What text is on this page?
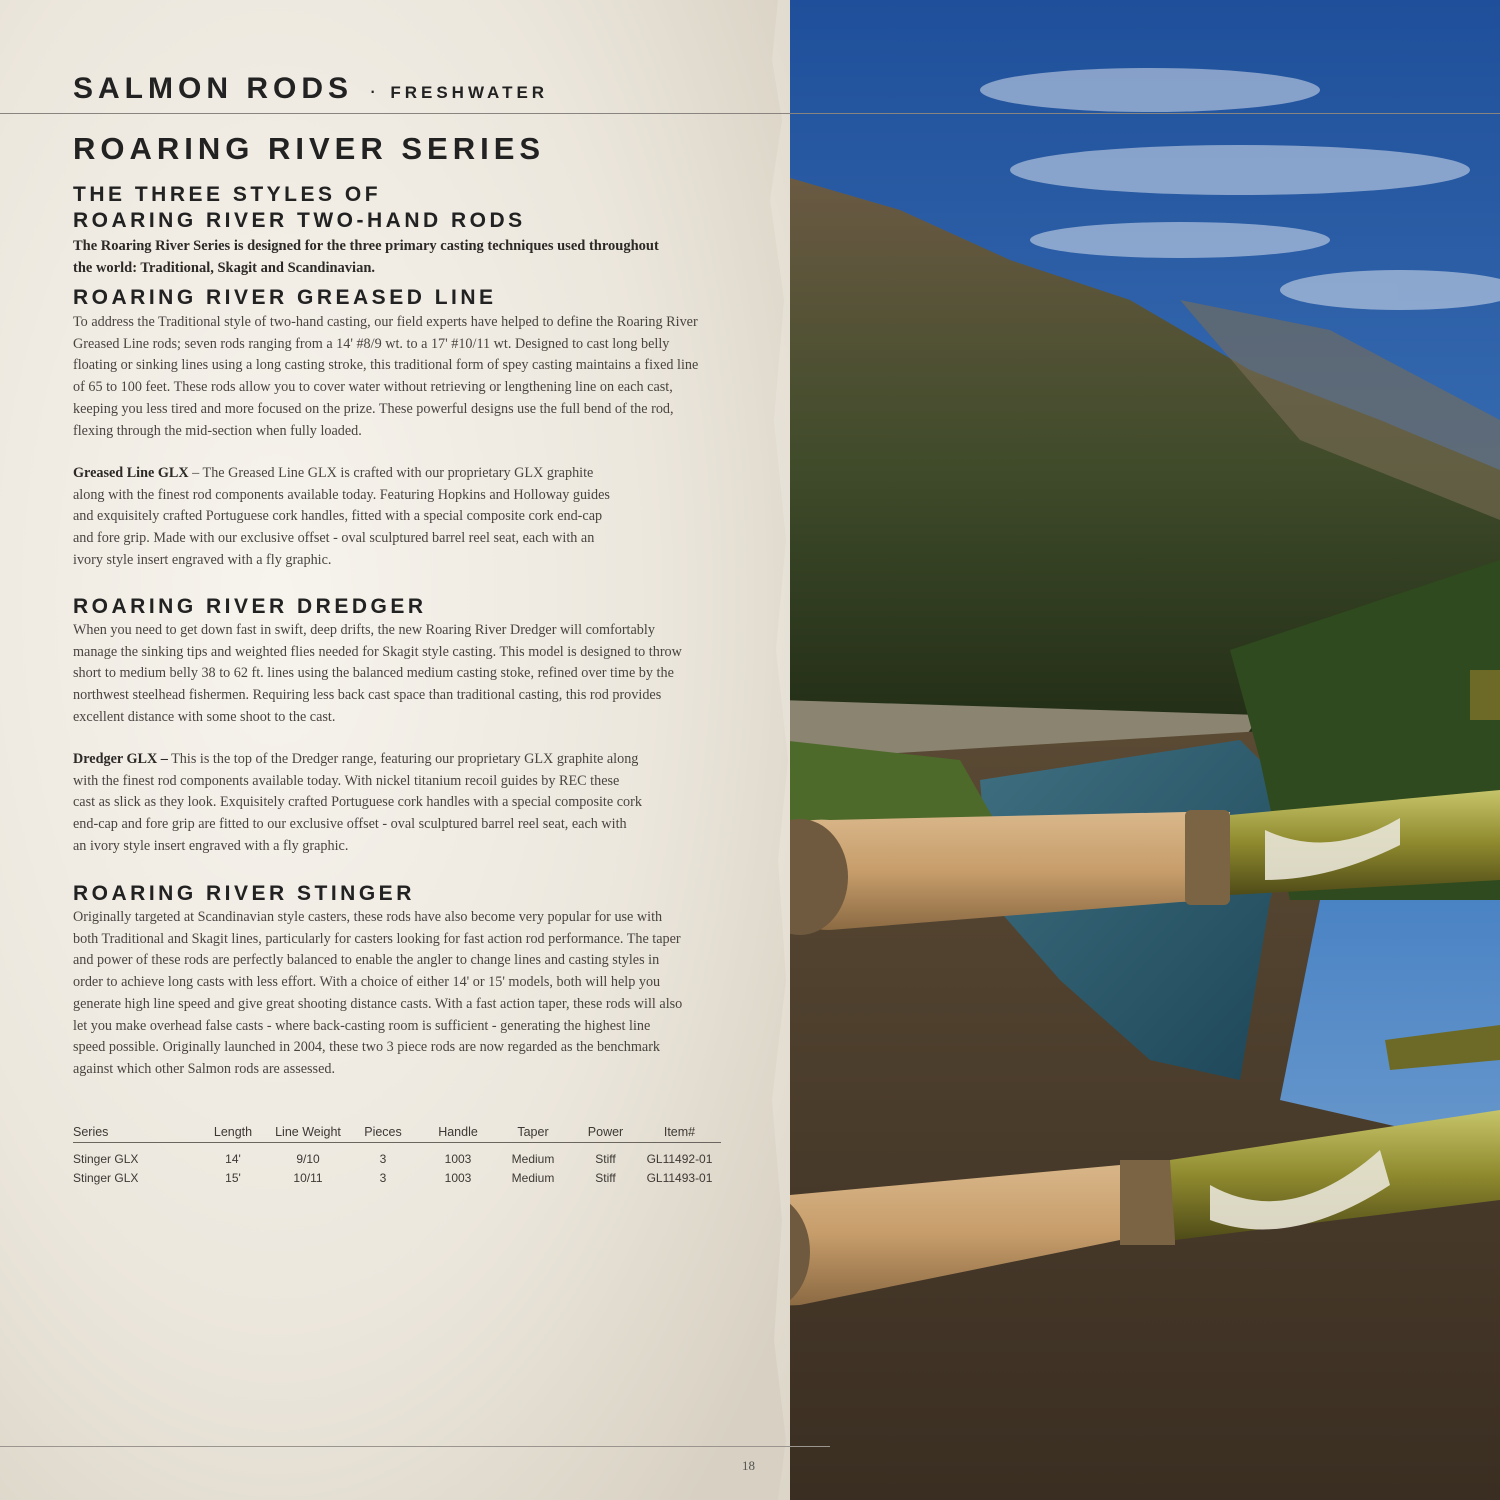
SALMON RODS · FRESHWATER
ROARING RIVER SERIES
THE THREE STYLES OF
ROARING RIVER TWO-HAND RODS
The Roaring River Series is designed for the three primary casting techniques used throughout the world: Traditional, Skagit and Scandinavian.
ROARING RIVER GREASED LINE
To address the Traditional style of two-hand casting, our field experts have helped to define the Roaring River Greased Line rods; seven rods ranging from a 14' #8/9 wt. to a 17' #10/11 wt. Designed to cast long belly floating or sinking lines using a long casting stroke, this traditional form of spey casting maintains a fixed line of 65 to 100 feet. These rods allow you to cover water without retrieving or lengthening line on each cast, keeping you less tired and more focused on the prize. These powerful designs use the full bend of the rod, flexing through the mid-section when fully loaded.
Greased Line GLX – The Greased Line GLX is crafted with our proprietary GLX graphite along with the finest rod components available today. Featuring Hopkins and Holloway guides and exquisitely crafted Portuguese cork handles, fitted with a special composite cork end-cap and fore grip. Made with our exclusive offset - oval sculptured barrel reel seat, each with an ivory style insert engraved with a fly graphic.
ROARING RIVER DREDGER
When you need to get down fast in swift, deep drifts, the new Roaring River Dredger will comfortably manage the sinking tips and weighted flies needed for Skagit style casting. This model is designed to throw short to medium belly 38 to 62 ft. lines using the balanced medium casting stoke, refined over time by the northwest steelhead fishermen. Requiring less back cast space than traditional casting, this rod provides excellent distance with some shoot to the cast.
Dredger GLX – This is the top of the Dredger range, featuring our proprietary GLX graphite along with the finest rod components available today. With nickel titanium recoil guides by REC these cast as slick as they look. Exquisitely crafted Portuguese cork handles with a special composite cork end-cap and fore grip are fitted to our exclusive offset - oval sculptured barrel reel seat, each with an ivory style insert engraved with a fly graphic.
ROARING RIVER STINGER
Originally targeted at Scandinavian style casters, these rods have also become very popular for use with both Traditional and Skagit lines, particularly for casters looking for fast action rod performance. The taper and power of these rods are perfectly balanced to enable the angler to change lines and casting styles in order to achieve long casts with less effort. With a choice of either 14' or 15' models, both will help you generate high line speed and give great shooting distance casts. With a fast action taper, these rods will also let you make overhead false casts - where back-casting room is sufficient - generating the highest line speed possible. Originally launched in 2004, these two 3 piece rods are now regarded as the benchmark against which other Salmon rods are assessed.
Series	Length	Line Weight	Pieces	Handle	Taper	Power	Item#
Stinger GLX	14'	9/10	3	1003	Medium	Stiff	GL11492-01
Stinger GLX	15'	10/11	3	1003	Medium	Stiff	GL11493-01
18
